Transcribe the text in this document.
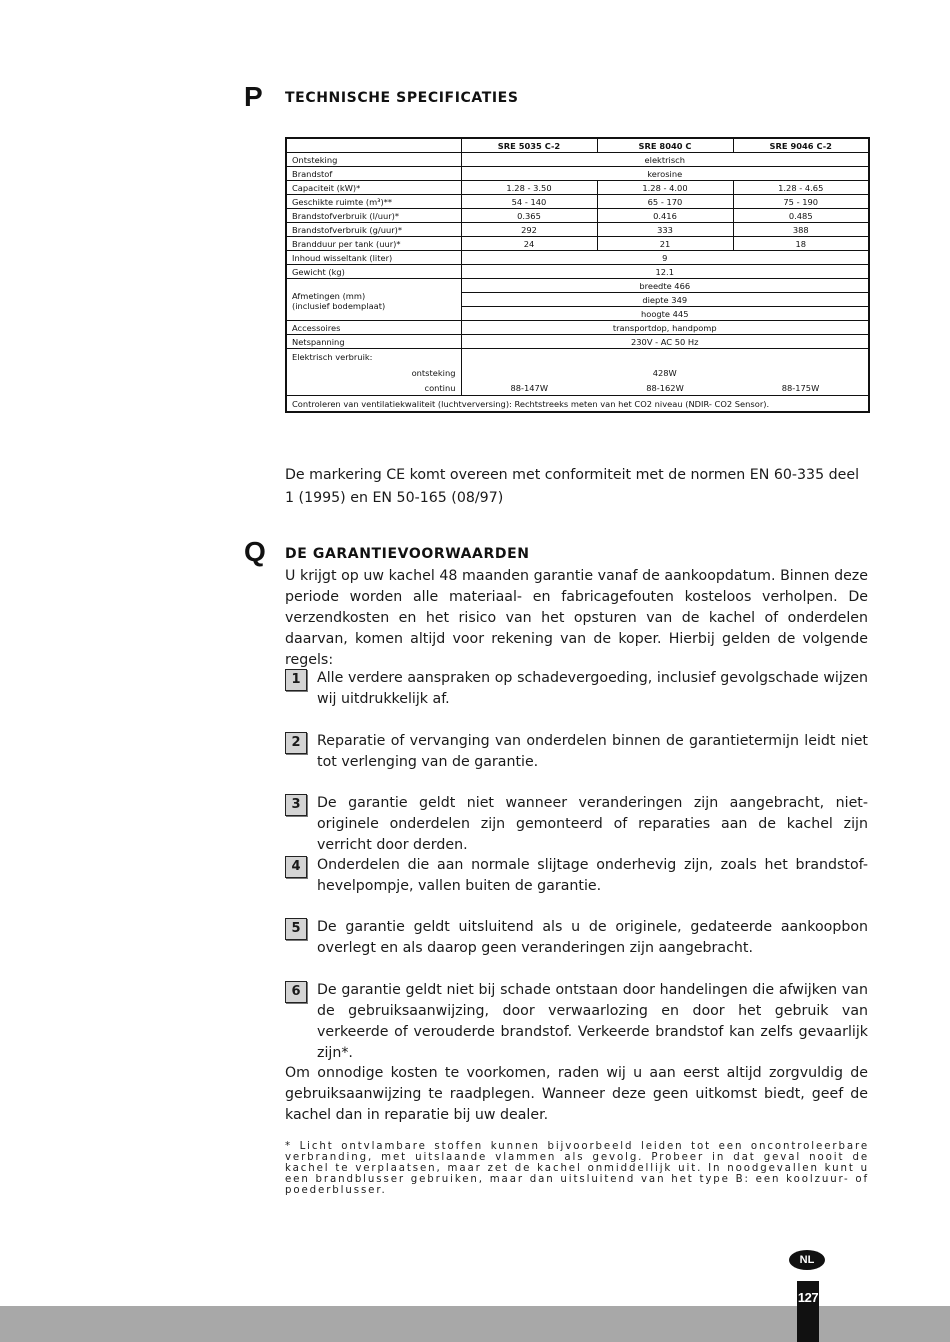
P TECHNISCHE SPECIFICATIES
	SRE 5035 C-2	SRE 8040 C	SRE 9046 C-2
Ontsteking	elektrisch		
Brandstof	kerosine		
Capaciteit (kW)*	1.28 - 3.50	1.28 - 4.00	1.28 - 4.65
Geschikte ruimte (m³)**	54 - 140	65 - 170	75 - 190
Brandstofverbruik (l/uur)*	0.365	0.416	0.485
Brandstofverbruik (g/uur)*	292	333	388
Brandduur per tank (uur)*	24	21	18
Inhoud wisseltank (liter)	9		
Gewicht (kg)	12.1		
Afmetingen (mm)
(inclusief bodemplaat)	breedte 466		
	diepte 349		
	hoogte 445		
Accessoires	transportdop, handpomp		
Netspanning	230V - AC 50 Hz		
Elektrisch verbruik:			
ontsteking	428W		
continu	88-147W	88-162W	88-175W
Controleren van ventilatiekwaliteit (luchtverversing): Rechtstreeks meten van het CO2 niveau (NDIR- CO2 Sensor).			

De markering CE komt overeen met conformiteit met de normen EN 60-335 deel 1 (1995) en EN 50-165 (08/97)

Q DE GARANTIEVOORWAARDEN

U krijgt op uw kachel 48 maanden garantie vanaf de aankoopdatum. Binnen deze periode worden alle materiaal- en fabricagefouten kosteloos verholpen. De verzendkosten en het risico van het opsturen van de kachel of onderdelen daarvan, komen altijd voor rekening van de koper. Hierbij gelden de volgende regels:

1	Alle verdere aanspraken op schadevergoeding, inclusief gevolgschade wijzen wij uitdrukkelijk af.

2	Reparatie of vervanging van onderdelen binnen de garantietermijn leidt niet tot verlenging van de garantie.

3	De garantie geldt niet wanneer veranderingen zijn aangebracht, niet-originele onderdelen zijn gemonteerd of reparaties aan de kachel zijn verricht door derden.

4	Onderdelen die aan normale slijtage onderhevig zijn, zoals het brandstof-hevelpompje, vallen buiten de garantie.

5	De garantie geldt uitsluitend als u de originele, gedateerde aankoopbon overlegt en als daarop geen veranderingen zijn aangebracht.

6	De garantie geldt niet bij schade ontstaan door handelingen die afwijken van de gebruiksaanwijzing, door verwaarlozing en door het gebruik van verkeerde of verouderde brandstof. Verkeerde brandstof kan zelfs gevaarlijk zijn*.

Om onnodige kosten te voorkomen, raden wij u aan eerst altijd zorgvuldig de gebruiksaanwijzing te raadplegen. Wanneer deze geen uitkomst biedt, geef de kachel dan in reparatie bij uw dealer.

* Licht ontvlambare stoffen kunnen bijvoorbeeld leiden tot een oncontroleerbare verbranding, met uitslaande vlammen als gevolg. Probeer in dat geval nooit de kachel te verplaatsen, maar zet de kachel onmiddellijk uit. In noodgevallen kunt u een brandblusser gebruiken, maar dan uitsluitend van het type B: een koolzuur- of poederblusser.

NL
127
